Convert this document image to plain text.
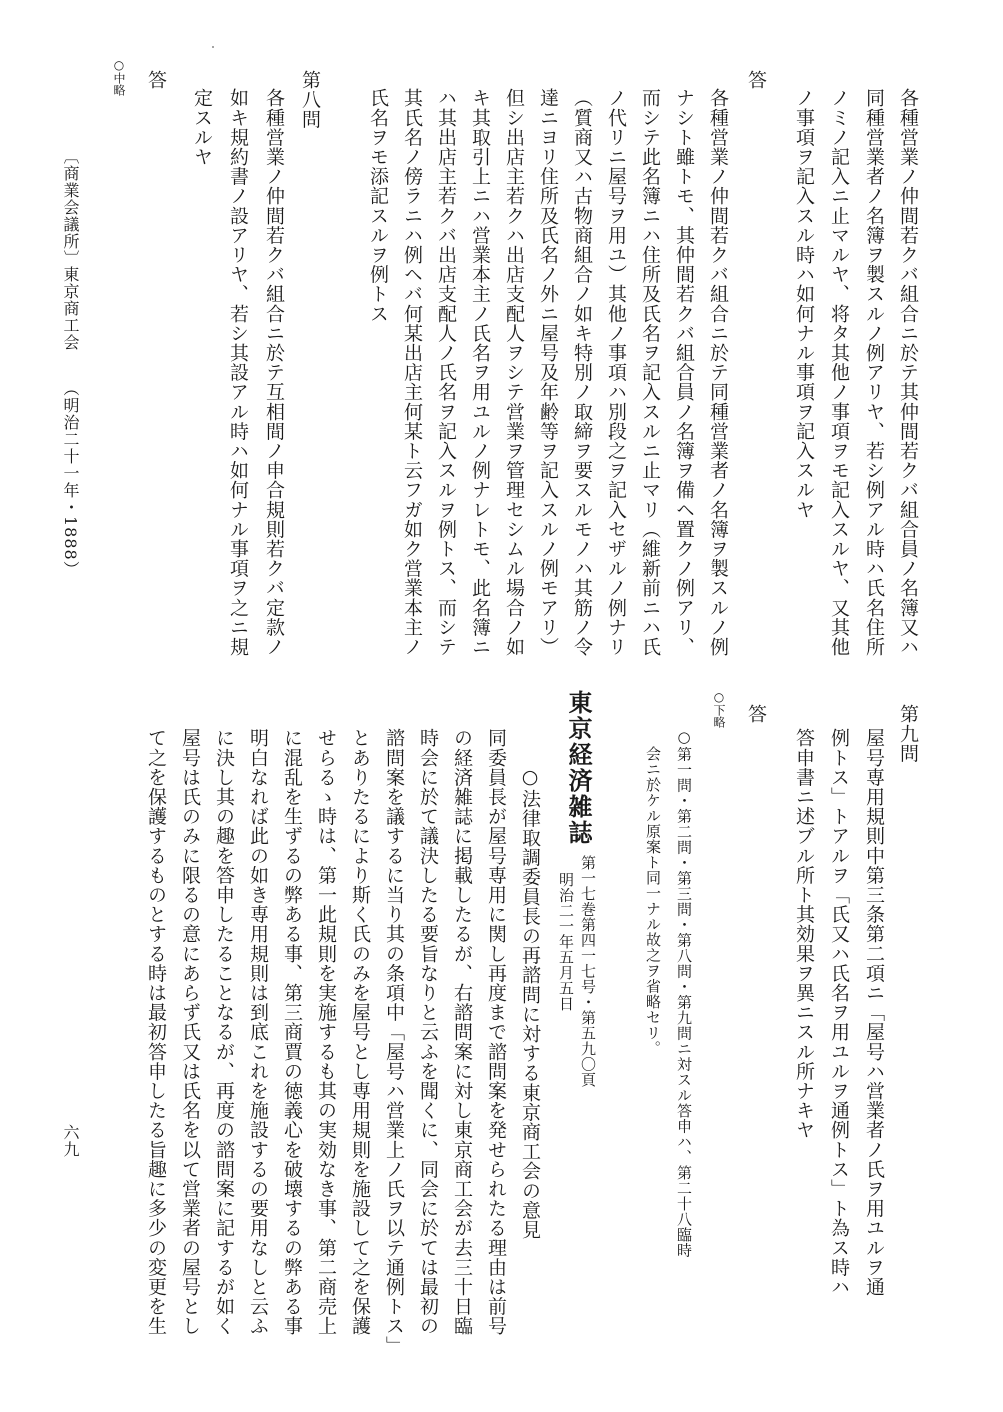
各種営業ノ仲間若クバ組合ニ於テ其仲間若クバ組合員ノ名簿又ハ
同種営業者ノ名簿ヲ製スルノ例アリヤ、若シ例アル時ハ氏名住所
ノミノ記入ニ止マルヤ、将タ其他ノ事項ヲモ記入スルヤ、又其他
ノ事項ヲ記入スル時ハ如何ナル事項ヲ記入スルヤ
答
各種営業ノ仲間若クバ組合ニ於テ同種営業者ノ名簿ヲ製スルノ例
ナシト雖トモ、其仲間若クバ組合員ノ名簿ヲ備ヘ置クノ例アリ、
而シテ此名簿ニハ住所及氏名ヲ記入スルニ止マリ（維新前ニハ氏
ノ代リニ屋号ヲ用ユ）其他ノ事項ハ別段之ヲ記入セザルノ例ナリ
（質商又ハ古物商組合ノ如キ特別ノ取締ヲ要スルモノハ其筋ノ令
達ニヨリ住所及氏名ノ外ニ屋号及年齢等ヲ記入スルノ例モアリ）
但シ出店主若クハ出店支配人ヲシテ営業ヲ管理セシムル場合ノ如
キ其取引上ニハ営業本主ノ氏名ヲ用ユルノ例ナレトモ、此名簿ニ
ハ其出店主若クバ出店支配人ノ氏名ヲ記入スルヲ例トス、而シテ
其氏名ノ傍ラニハ例ヘバ何某出店主何某ト云フガ如ク営業本主ノ
氏名ヲモ添記スルヲ例トス
第八問
各種営業ノ仲間若クバ組合ニ於テ互相間ノ申合規則若クバ定款ノ
如キ規約書ノ設アリヤ、若シ其設アル時ハ如何ナル事項ヲ之ニ規
定スルヤ
答
○中略
第九問
屋号専用規則中第三条第二項ニ「屋号ハ営業者ノ氏ヲ用ユルヲ通
例トス」トアルヲ「氏又ハ氏名ヲ用ユルヲ通例トス」ト為ス時ハ
答申書ニ述ブル所ト其効果ヲ異ニスル所ナキヤ
答
○下略
○第一問・第二問・第三問・第八問・第九問ニ対スル答申ハ、第二十八臨時
会ニ於ケル原案ト同一ナル故之ヲ省略セリ。
東京経済雑誌
第一七巻第四一七号・第五九〇頁
明治二一年五月五日
○法律取調委員長の再諮問に対する東京商工会の意見
同委員長が屋号専用に関し再度まで諮問案を発せられたる理由は前号
の経済雑誌に掲載したるが、右諮問案に対し東京商工会が去三十日臨
時会に於て議決したる要旨なりと云ふを聞くに、同会に於ては最初の
諮問案を議するに当り其の条項中「屋号ハ営業上ノ氏ヲ以テ通例トス」
とありたるにより斯く氏のみを屋号とし専用規則を施設して之を保護
せらるゝ時は、第一此規則を実施するも其の実効なき事、第二商売上
に混乱を生ずるの弊ある事、第三商賈の徳義心を破壊するの弊ある事
明白なれば此の如き専用規則は到底これを施設するの要用なしと云ふ
に決し其の趣を答申したることなるが、再度の諮問案に記するが如く
屋号は氏のみに限るの意にあらず氏又は氏名を以て営業者の屋号とし
て之を保護するものとする時は最初答申したる旨趣に多少の変更を生
〔商業会議所〕
東京商工会
（明治二十一年・1888）
六九
